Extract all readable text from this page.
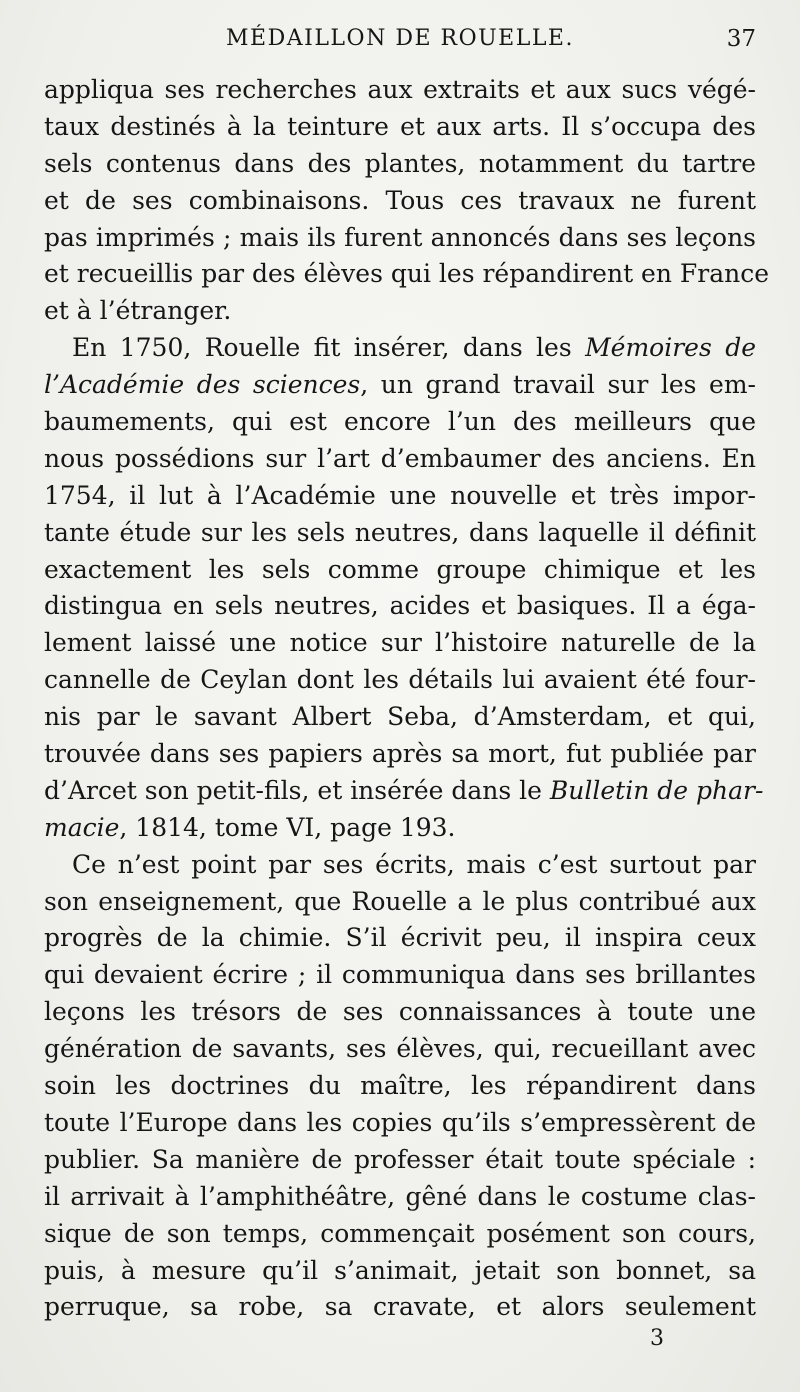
MÉDAILLON DE ROUELLE.	37
appliqua ses recherches aux extraits et aux sucs végé-
taux destinés à la teinture et aux arts. Il s’occupa des
sels contenus dans des plantes, notamment du tartre
et de ses combinaisons. Tous ces travaux ne furent
pas imprimés ; mais ils furent annoncés dans ses leçons
et recueillis par des élèves qui les répandirent en France
et à l’étranger.
En 1750, Rouelle fit insérer, dans les Mémoires de
l’Académie des sciences, un grand travail sur les em-
baumements, qui est encore l’un des meilleurs que
nous possédions sur l’art d’embaumer des anciens. En
1754, il lut à l’Académie une nouvelle et très impor-
tante étude sur les sels neutres, dans laquelle il définit
exactement les sels comme groupe chimique et les
distingua en sels neutres, acides et basiques. Il a éga-
lement laissé une notice sur l’histoire naturelle de la
cannelle de Ceylan dont les détails lui avaient été four-
nis par le savant Albert Seba, d’Amsterdam, et qui,
trouvée dans ses papiers après sa mort, fut publiée par
d’Arcet son petit-fils, et insérée dans le Bulletin de phar-
macie, 1814, tome VI, page 193.
Ce n’est point par ses écrits, mais c’est surtout par
son enseignement, que Rouelle a le plus contribué aux
progrès de la chimie. S’il écrivit peu, il inspira ceux
qui devaient écrire ; il communiqua dans ses brillantes
leçons les trésors de ses connaissances à toute une
génération de savants, ses élèves, qui, recueillant avec
soin les doctrines du maître, les répandirent dans
toute l’Europe dans les copies qu’ils s’empressèrent de
publier. Sa manière de professer était toute spéciale :
il arrivait à l’amphithéâtre, gêné dans le costume clas-
sique de son temps, commençait posément son cours,
puis, à mesure qu’il s’animait, jetait son bonnet, sa
perruque, sa robe, sa cravate, et alors seulement
3
